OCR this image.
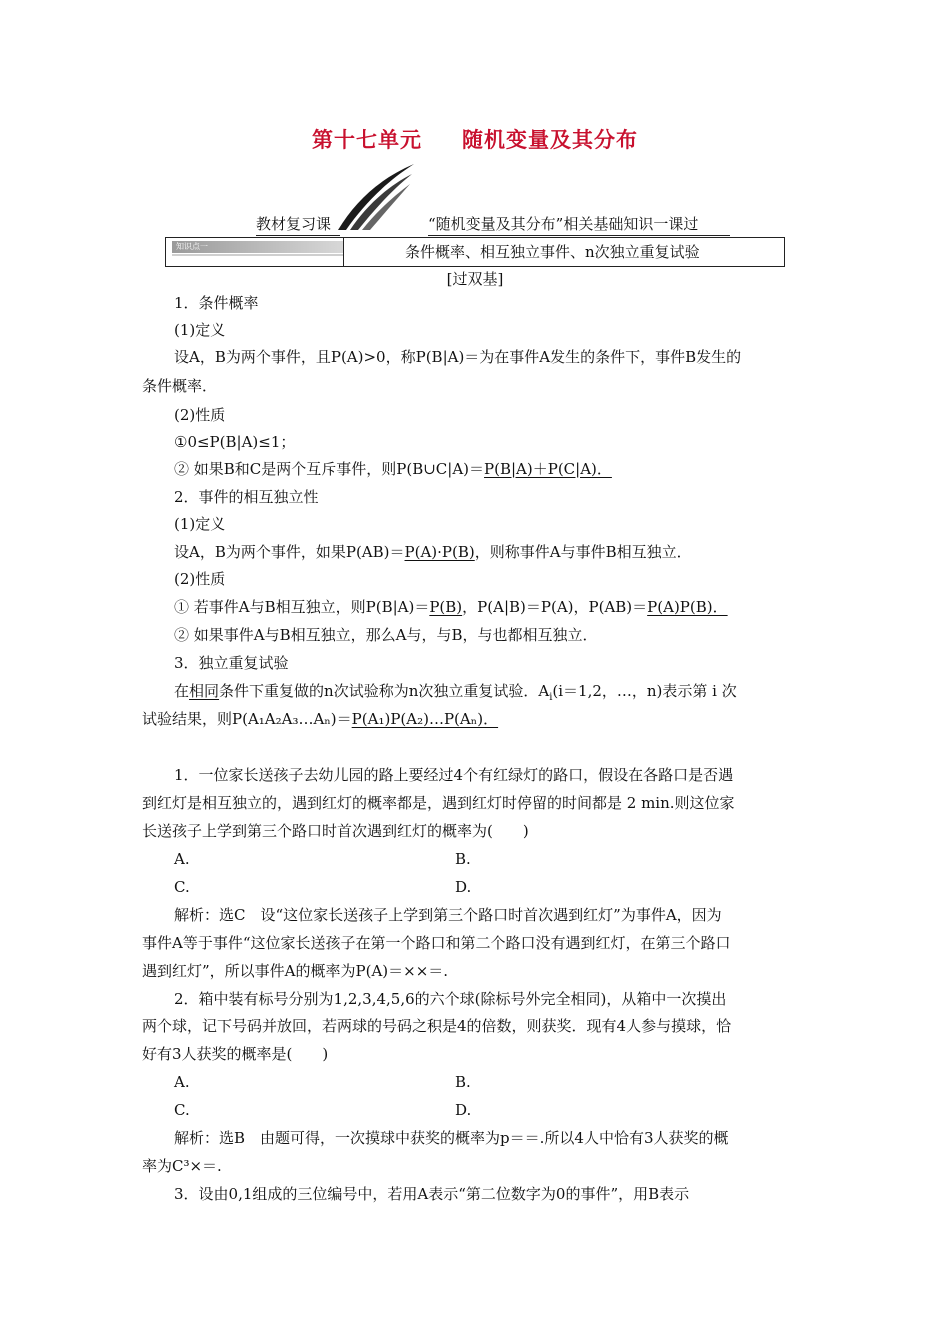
第十七单元 随机变量及其分布
教材复习课	“随机变量及其分布”相关基础知识一课过
知识点一	条件概率、相互独立事件、n次独立重复试验
[过双基]
1．条件概率
(1)定义
设A，B为两个事件，且P(A)>0，称P(B|A)＝为在事件A发生的条件下，事件B发生的
条件概率．
(2)性质
①0≤P(B|A)≤1；
② 如果B和C是两个互斥事件，则P(B∪C|A)＝P(B|A)＋P(C|A)．
2．事件的相互独立性
(1)定义
设A，B为两个事件，如果P(AB)＝P(A)·P(B)，则称事件A与事件B相互独立．
(2)性质
① 若事件A与B相互独立，则P(B|A)＝P(B)，P(A|B)＝P(A)，P(AB)＝P(A)P(B)．
② 如果事件A与B相互独立，那么A与，与B，与也都相互独立．
3．独立重复试验
在相同条件下重复做的n次试验称为n次独立重复试验．$A_i(i=1,2$，…，n)表示第 i 次
试验结果，则P(A₁A₂A₃…Aₙ)＝P(A₁)P(A₂)…P(Aₙ)．
1．一位家长送孩子去幼儿园的路上要经过4个有红绿灯的路口，假设在各路口是否遇
到红灯是相互独立的，遇到红灯的概率都是，遇到红灯时停留的时间都是 2 min.则这位家
长送孩子上学到第三个路口时首次遇到红灯的概率为(　　)
A.	B.
C.	D.
解析：选C　设“这位家长送孩子上学到第三个路口时首次遇到红灯”为事件A，因为
事件A等于事件“这位家长送孩子在第一个路口和第二个路口没有遇到红灯，在第三个路口
遇到红灯”，所以事件A的概率为P(A)＝××＝.
2．箱中装有标号分别为1,2,3,4,5,6的六个球(除标号外完全相同)，从箱中一次摸出
两个球，记下号码并放回，若两球的号码之积是4的倍数，则获奖．现有4人参与摸球，恰
好有3人获奖的概率是(　　)
A.	B.
C.	D.
解析：选B　由题可得，一次摸球中获奖的概率为p＝＝.所以4人中恰有3人获奖的概
率为C³×＝.
3．设由0,1组成的三位编号中，若用A表示“第二位数字为0的事件”，用B表示
